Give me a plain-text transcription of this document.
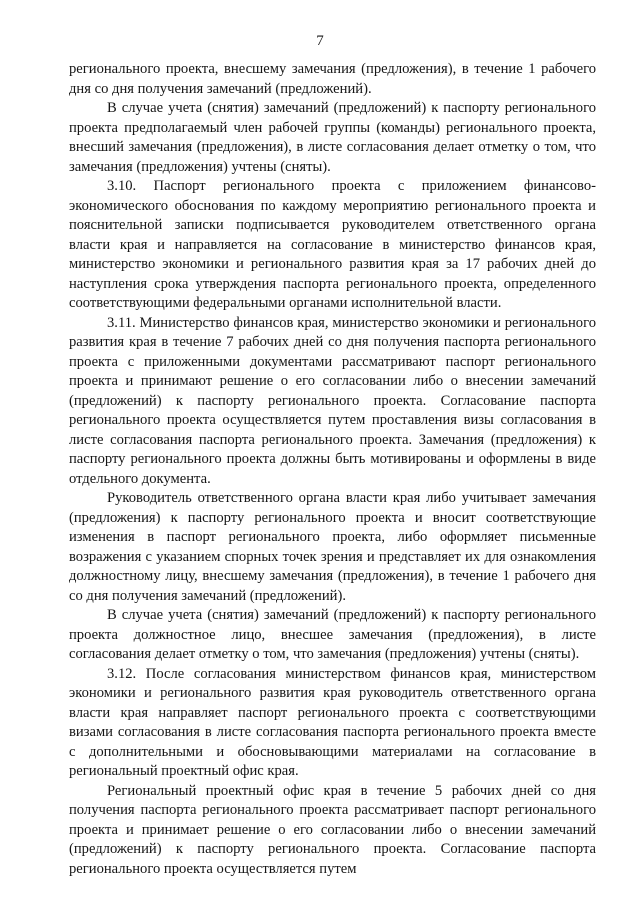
7

регионального проекта, внесшему замечания (предложения), в течение 1 рабочего дня со дня получения замечаний (предложений).

В случае учета (снятия) замечаний (предложений) к паспорту регионального проекта предполагаемый член рабочей группы (команды) регионального проекта, внесший замечания (предложения), в листе согласования делает отметку о том, что замечания (предложения) учтены (сняты).

3.10. Паспорт регионального проекта с приложением финансово-экономического обоснования по каждому мероприятию регионального проекта и пояснительной записки подписывается руководителем ответственного органа власти края и направляется на согласование в министерство финансов края, министерство экономики и регионального развития края за 17 рабочих дней до наступления срока утверждения паспорта регионального проекта, определенного соответствующими федеральными органами исполнительной власти.

3.11. Министерство финансов края, министерство экономики и регионального развития края в течение 7 рабочих дней со дня получения паспорта регионального проекта с приложенными документами рассматривают паспорт регионального проекта и принимают решение о его согласовании либо о внесении замечаний (предложений) к паспорту регионального проекта. Согласование паспорта регионального проекта осуществляется путем проставления визы согласования в листе согласования паспорта регионального проекта. Замечания (предложения) к паспорту регионального проекта должны быть мотивированы и оформлены в виде отдельного документа.

Руководитель ответственного органа власти края либо учитывает замечания (предложения) к паспорту регионального проекта и вносит соответствующие изменения в паспорт регионального проекта, либо оформляет письменные возражения с указанием спорных точек зрения и представляет их для ознакомления должностному лицу, внесшему замечания (предложения), в течение 1 рабочего дня со дня получения замечаний (предложений).

В случае учета (снятия) замечаний (предложений) к паспорту регионального проекта должностное лицо, внесшее замечания (предложения), в листе согласования делает отметку о том, что замечания (предложения) учтены (сняты).

3.12. После согласования министерством финансов края, министерством экономики и регионального развития края руководитель ответственного органа власти края направляет паспорт регионального проекта с соответствующими визами согласования в листе согласования паспорта регионального проекта вместе с дополнительными и обосновывающими материалами на согласование в региональный проектный офис края.

Региональный проектный офис края в течение 5 рабочих дней со дня получения паспорта регионального проекта рассматривает паспорт регионального проекта и принимает решение о его согласовании либо о внесении замечаний (предложений) к паспорту регионального проекта. Согласование паспорта регионального проекта осуществляется путем
